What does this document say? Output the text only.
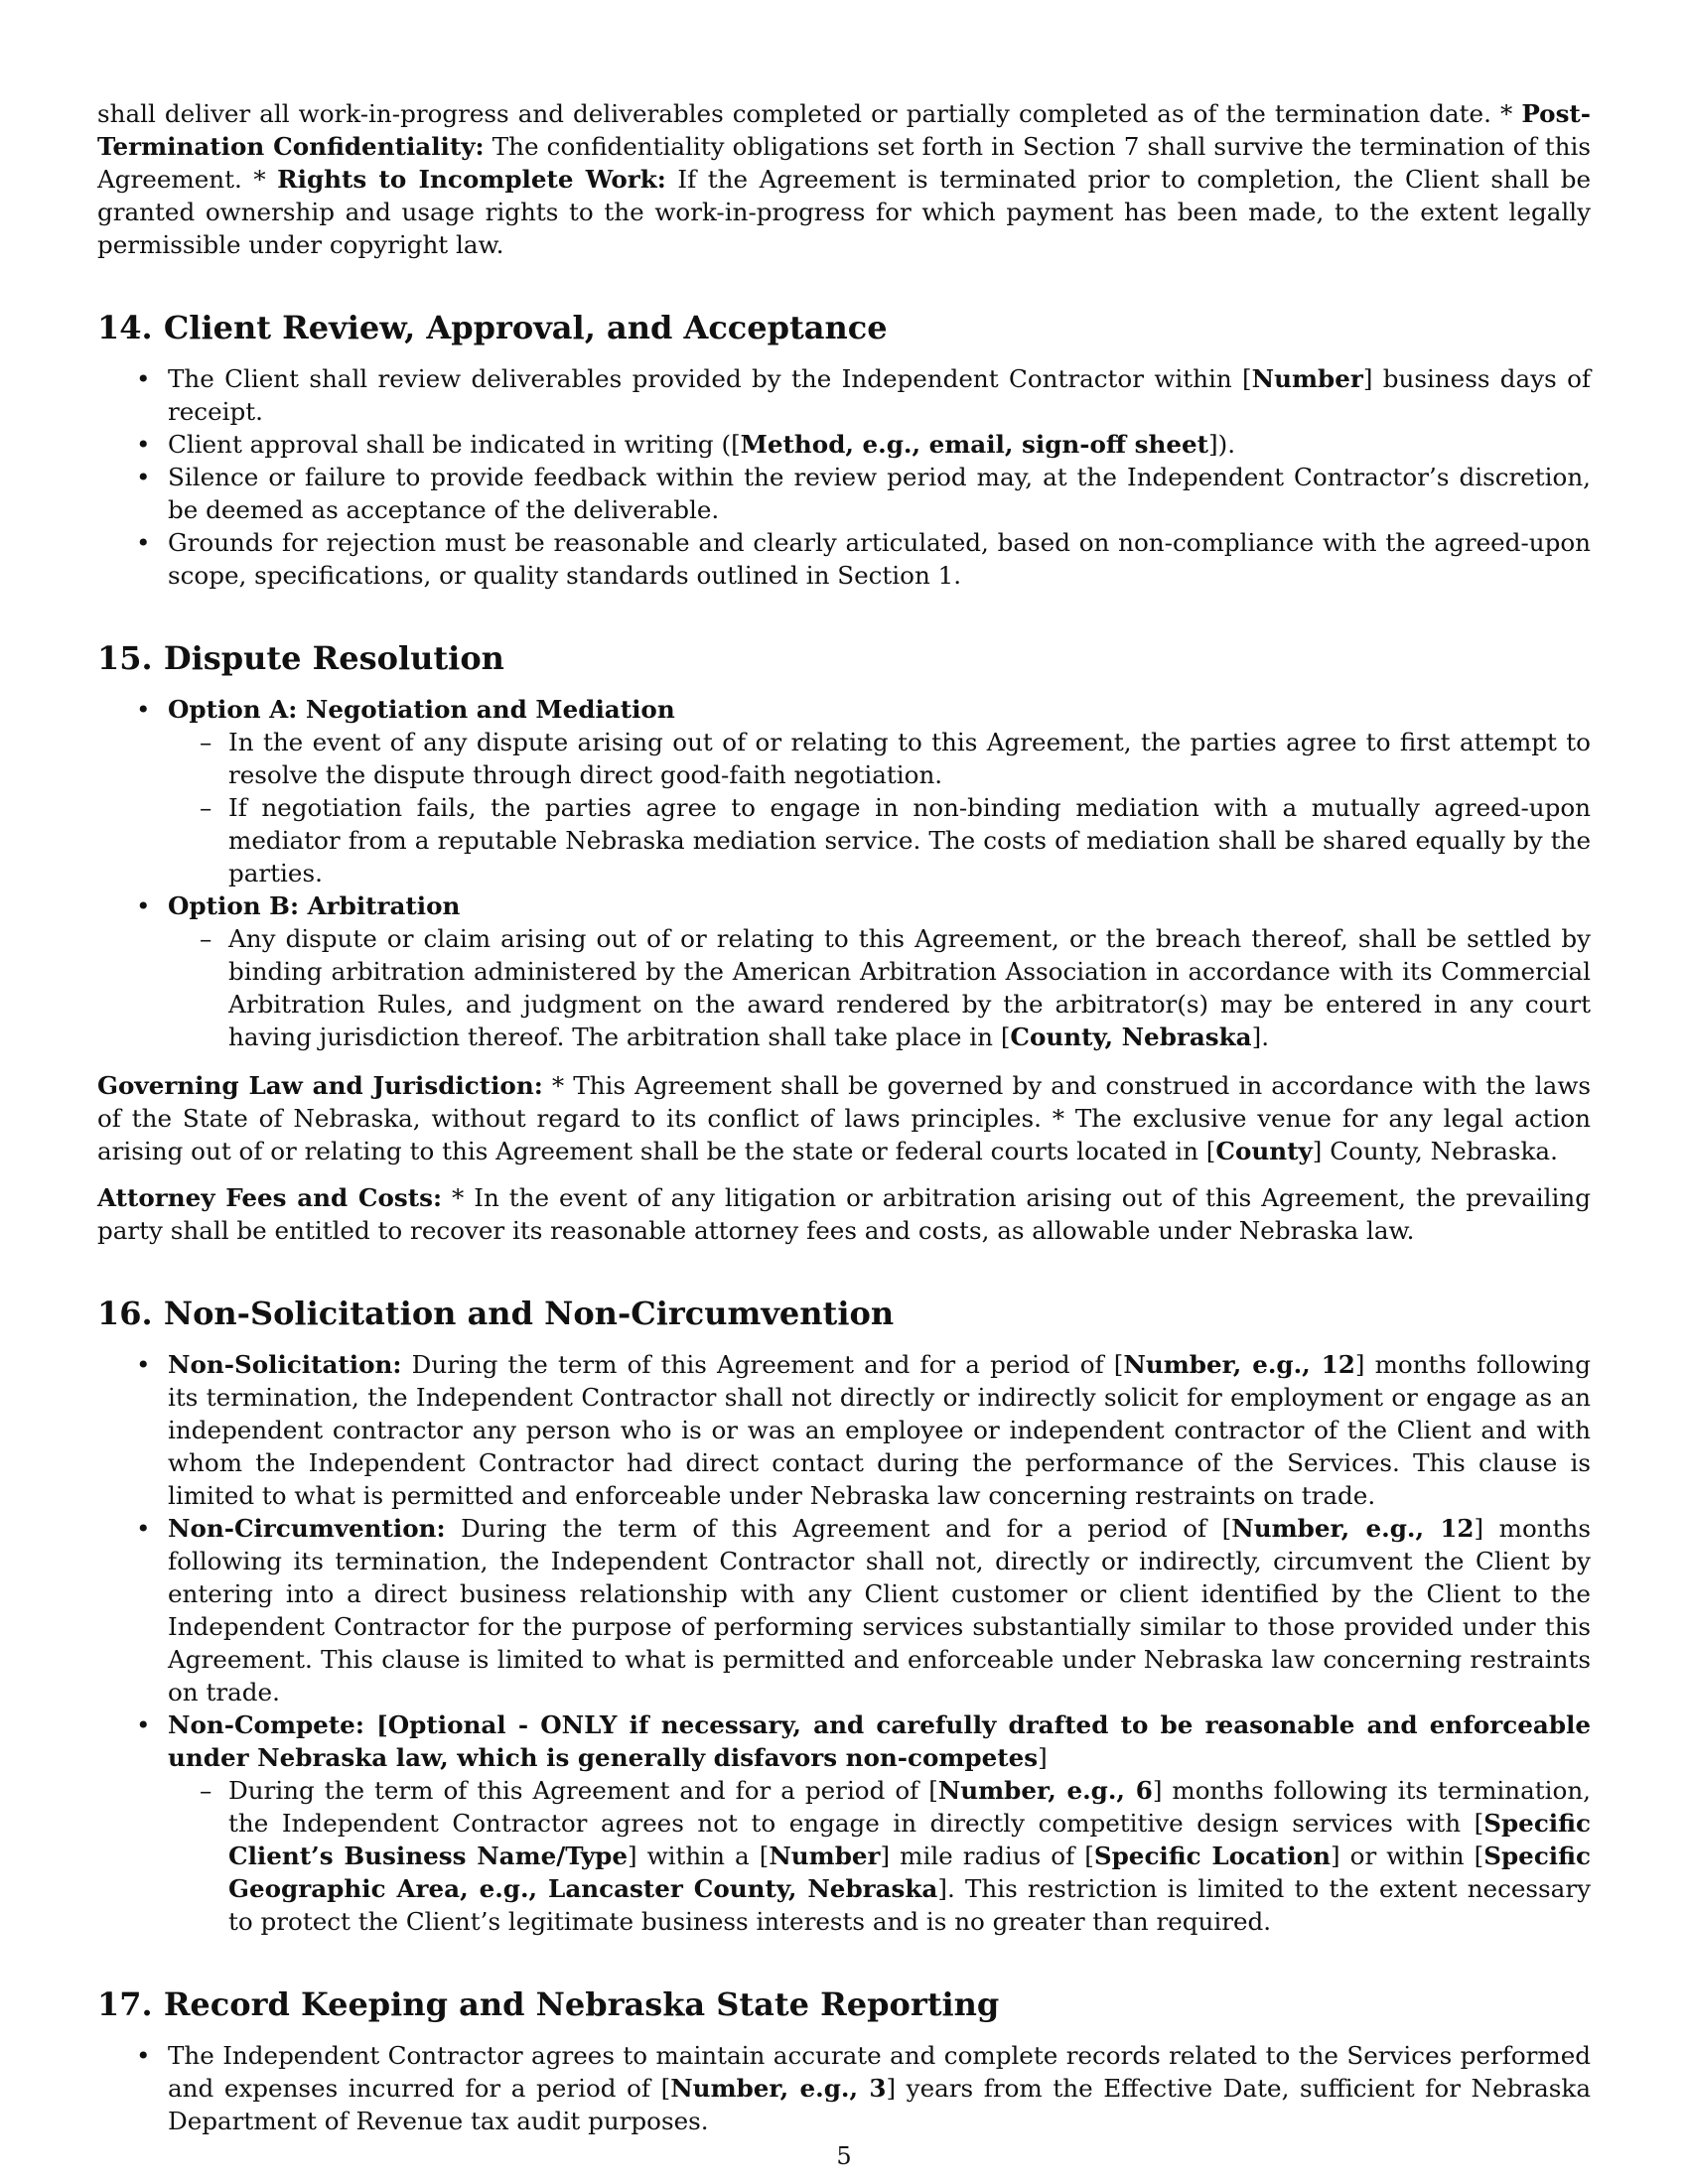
shall deliver all work-in-progress and deliverables completed or partially completed as of the termination date. * Post-Termination Confidentiality: The confidentiality obligations set forth in Section 7 shall survive the termination of this Agreement. * Rights to Incomplete Work: If the Agreement is terminated prior to completion, the Client shall be granted ownership and usage rights to the work-in-progress for which payment has been made, to the extent legally permissible under copyright law.

14. Client Review, Approval, and Acceptance
• The Client shall review deliverables provided by the Independent Contractor within [Number] business days of receipt.
• Client approval shall be indicated in writing ([Method, e.g., email, sign-off sheet]).
• Silence or failure to provide feedback within the review period may, at the Independent Contractor’s discretion, be deemed as acceptance of the deliverable.
• Grounds for rejection must be reasonable and clearly articulated, based on non-compliance with the agreed-upon scope, specifications, or quality standards outlined in Section 1.
15. Dispute Resolution
• Option A: Negotiation and Mediation
– In the event of any dispute arising out of or relating to this Agreement, the parties agree to first attempt to resolve the dispute through direct good-faith negotiation.
– If negotiation fails, the parties agree to engage in non-binding mediation with a mutually agreed-upon mediator from a reputable Nebraska mediation service. The costs of mediation shall be shared equally by the parties.
• Option B: Arbitration
– Any dispute or claim arising out of or relating to this Agreement, or the breach thereof, shall be settled by binding arbitration administered by the American Arbitration Association in accordance with its Commercial Arbitration Rules, and judgment on the award rendered by the arbitrator(s) may be entered in any court having jurisdiction thereof. The arbitration shall take place in [County, Nebraska].

Governing Law and Jurisdiction: * This Agreement shall be governed by and construed in accordance with the laws of the State of Nebraska, without regard to its conflict of laws principles. * The exclusive venue for any legal action arising out of or relating to this Agreement shall be the state or federal courts located in [County] County, Nebraska.

Attorney Fees and Costs: * In the event of any litigation or arbitration arising out of this Agreement, the prevailing party shall be entitled to recover its reasonable attorney fees and costs, as allowable under Nebraska law.

16. Non-Solicitation and Non-Circumvention
• Non-Solicitation: During the term of this Agreement and for a period of [Number, e.g., 12] months following its termination, the Independent Contractor shall not directly or indirectly solicit for employment or engage as an independent contractor any person who is or was an employee or independent contractor of the Client and with whom the Independent Contractor had direct contact during the performance of the Services. This clause is limited to what is permitted and enforceable under Nebraska law concerning restraints on trade.
• Non-Circumvention: During the term of this Agreement and for a period of [Number, e.g., 12] months following its termination, the Independent Contractor shall not, directly or indirectly, circumvent the Client by entering into a direct business relationship with any Client customer or client identified by the Client to the Independent Contractor for the purpose of performing services substantially similar to those provided under this Agreement. This clause is limited to what is permitted and enforceable under Nebraska law concerning restraints on trade.
• Non-Compete: [Optional - ONLY if necessary, and carefully drafted to be reasonable and enforceable under Nebraska law, which is generally disfavors non-competes]
– During the term of this Agreement and for a period of [Number, e.g., 6] months following its termination, the Independent Contractor agrees not to engage in directly competitive design services with [Specific Client’s Business Name/Type] within a [Number] mile radius of [Specific Location] or within [Specific Geographic Area, e.g., Lancaster County, Nebraska]. This restriction is limited to the extent necessary to protect the Client’s legitimate business interests and is no greater than required.
17. Record Keeping and Nebraska State Reporting
• The Independent Contractor agrees to maintain accurate and complete records related to the Services performed and expenses incurred for a period of [Number, e.g., 3] years from the Effective Date, sufficient for Nebraska Department of Revenue tax audit purposes.
5
